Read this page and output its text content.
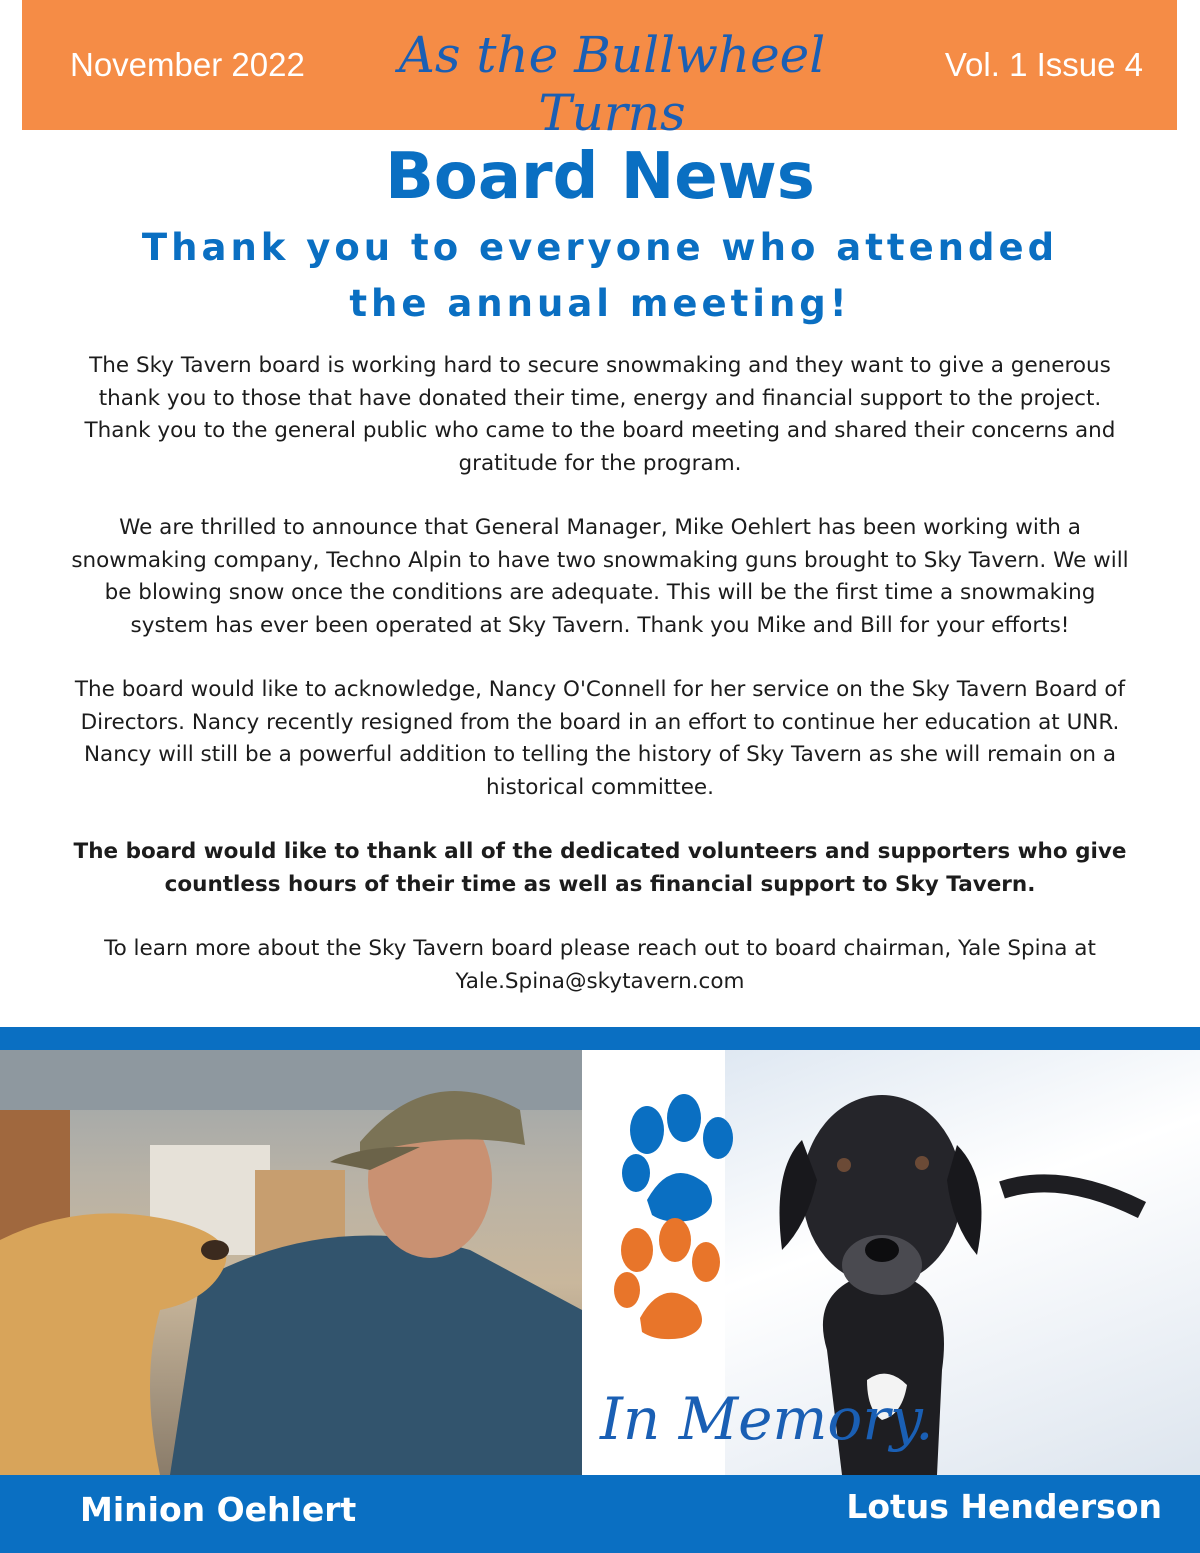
November 2022	As the Bullwheel Turns
Vol. 1 Issue 4
Board News
Thank you to everyone who attended the annual meeting!

The Sky Tavern board is working hard to secure snowmaking and they want to give a generous thank you to those that have donated their time, energy and financial support to the project. Thank you to the general public who came to the board meeting and shared their concerns and gratitude for the program.

We are thrilled to announce that General Manager, Mike Oehlert has been working with a snowmaking company, Techno Alpin to have two snowmaking guns brought to Sky Tavern. We will be blowing snow once the conditions are adequate. This will be the first time a snowmaking system has ever been operated at Sky Tavern. Thank you Mike and Bill for your efforts!

The board would like to acknowledge, Nancy O'Connell for her service on the Sky Tavern Board of Directors. Nancy recently resigned from the board in an effort to continue her education at UNR. Nancy will still be a powerful addition to telling the history of Sky Tavern as she will remain on a historical committee.

The board would like to thank all of the dedicated volunteers and supporters who give countless hours of their time as well as financial support to Sky Tavern.

To learn more about the Sky Tavern board please reach out to board chairman, Yale Spina at
Yale.Spina@skytavern.com

In Memory.
Minion Oehlert	Lotus Henderson
